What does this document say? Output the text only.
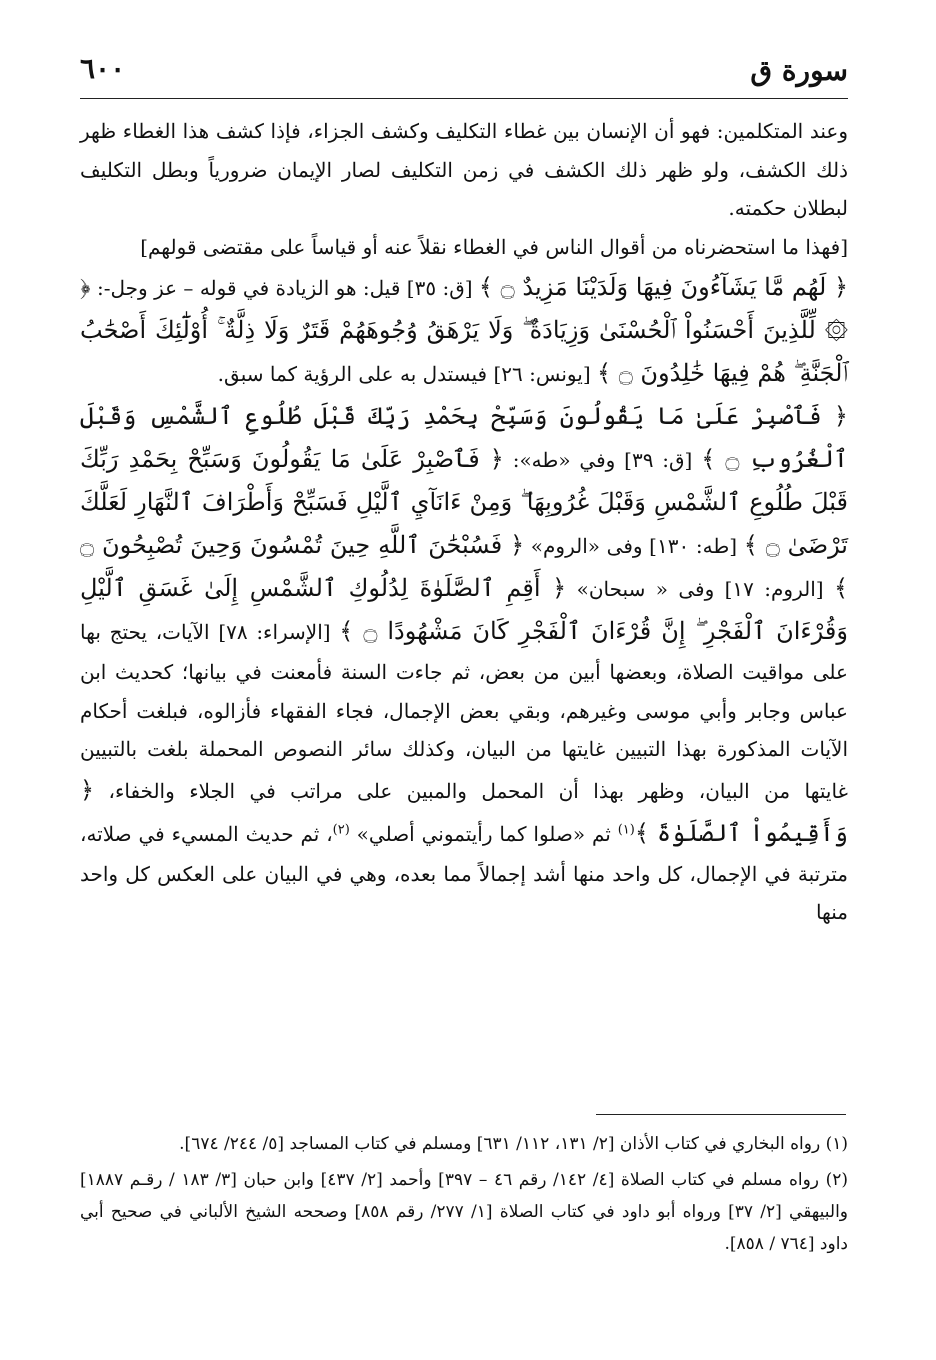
سورة ق
٦٠٠

وعند المتكلمين: فهو أن الإنسان بين غطاء التكليف وكشف الجزاء، فإذا كشف هذا الغطاء ظهر ذلك الكشف، ولو ظهر ذلك الكشف في زمن التكليف لصار الإيمان ضرورياً وبطل التكليف لبطلان حكمته.

[فهذا ما استحضرناه من أقوال الناس في الغطاء نقلاً عنه أو قياساً على مقتضى قولهم]

﴿ لَهُم مَّا يَشَآءُونَ فِيهَا وَلَدَيْنَا مَزِيدٌ ۝ ﴾ [ق: ٣٥] قيل: هو الزيادة في قوله – عز وجل-: ﴿ ۞ لِّلَّذِينَ أَحْسَنُواْ ٱلْحُسْنَىٰ وَزِيَادَةٌ ۖ وَلَا يَرْهَقُ وُجُوهَهُمْ قَتَرٌ وَلَا ذِلَّةٌ ۚ أُوْلَٰٓئِكَ أَصْحَٰبُ ٱلْجَنَّةِ ۖ هُمْ فِيهَا خَٰلِدُونَ ۝ ﴾ [يونس: ٢٦] فيستدل به على الرؤية كما سبق.

﴿ فَٱصْبِرْ عَلَىٰ مَا يَقُولُونَ وَسَبِّحْ بِحَمْدِ رَبِّكَ قَبْلَ طُلُوعِ ٱلشَّمْسِ وَقَبْلَ ٱلْغُرُوبِ ۝ ﴾ [ق: ٣٩] وفي «طه»: ﴿ فَٱصْبِرْ عَلَىٰ مَا يَقُولُونَ وَسَبِّحْ بِحَمْدِ رَبِّكَ قَبْلَ طُلُوعِ ٱلشَّمْسِ وَقَبْلَ غُرُوبِهَا ۖ وَمِنْ ءَانَآيِ ٱلَّيْلِ فَسَبِّحْ وَأَطْرَافَ ٱلنَّهَارِ لَعَلَّكَ تَرْضَىٰ ۝ ﴾ [طه: ١٣٠] وفى «الروم» ﴿ فَسُبْحَٰنَ ٱللَّهِ حِينَ تُمْسُونَ وَحِينَ تُصْبِحُونَ ۝ ﴾ [الروم: ١٧] وفى « سبحان» ﴿ أَقِمِ ٱلصَّلَوٰةَ لِدُلُوكِ ٱلشَّمْسِ إِلَىٰ غَسَقِ ٱلَّيْلِ وَقُرْءَانَ ٱلْفَجْرِ ۖ إِنَّ قُرْءَانَ ٱلْفَجْرِ كَانَ مَشْهُودًا ۝ ﴾ [الإسراء: ٧٨] الآيات، يحتج بها على مواقيت الصلاة، وبعضها أبين من بعض، ثم جاءت السنة فأمعنت في بيانها؛ كحديث ابن عباس وجابر وأبي موسى وغيرهم، وبقي بعض الإجمال، فجاء الفقهاء فأزالوه، فبلغت أحكام الآيات المذكورة بهذا التبيين غايتها من البيان، وكذلك سائر النصوص المحملة بلغت بالتبيين غايتها من البيان، وظهر بهذا أن المحمل والمبين على مراتب في الجلاء والخفاء، ﴿ وَأَقِيمُواْ ٱلصَّلَوٰةَ ﴾$^{(١)}$ ثم «صلوا كما رأيتموني أصلي» $^{(٢)}$، ثم حديث المسيء في صلاته، مترتبة في الإجمال، كل واحد منها أشد إجمالاً مما بعده، وهي في البيان على العكس كل واحد منها

(١) رواه البخاري في كتاب الأذان [٢/ ١٣١، ١١٢/ ٦٣١] ومسلم في كتاب المساجد [٥/ ٢٤٤/ ٦٧٤].

(٢) رواه مسلم في كتاب الصلاة [٤/ ١٤٢/ رقم ٤٦ – ٣٩٧] وأحمد [٢/ ٤٣٧] وابن حبان [٣/ ١٨٣ / رقـم ١٨٨٧] والبيهقي [٢/ ٣٧] ورواه أبو داود في كتاب الصلاة [١/ ٢٧٧/ رقم ٨٥٨] وصححه الشيخ الألباني في صحيح أبي داود [٧٦٤ / ٨٥٨].
